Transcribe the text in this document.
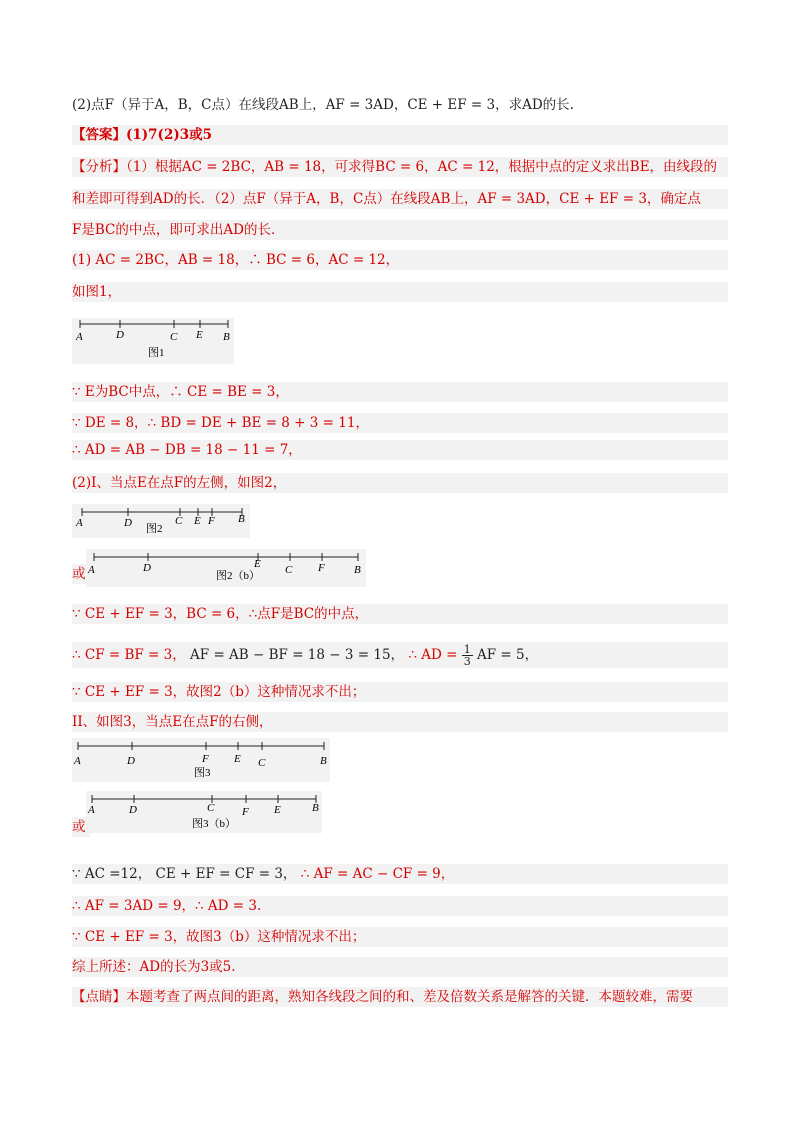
(2)点F（异于A，B，C点）在线段AB上，AF = 3AD，CE + EF = 3，求AD的长.
【答案】(1)7(2)3或5
【分析】（1）根据AC = 2BC，AB = 18，可求得BC = 6，AC = 12，根据中点的定义求出BE，由线段的
和差即可得到AD的长．（2）点F（异于A，B，C点）在线段AB上，AF = 3AD，CE + EF = 3，确定点
F是BC的中点，即可求出AD的长．
(1) AC = 2BC，AB = 18，∴ BC = 6，AC = 12，
如图1，
A	D	C E B
图1
∵ E为BC中点，∴ CE = BE = 3，
∵ DE = 8，∴ BD = DE + BE = 8 + 3 = 11，
∴ AD = AB − DB = 18 − 11 = 7，
(2)I、当点E在点F的左侧，如图2，
A	D	C E F B
图2
或 A	D	E C F	B
图2（b）
∵ CE + EF = 3，BC = 6，∴点F是BC的中点，
∴ CF = BF = 3， AF = AB − BF = 18 − 3 = 15， ∴ AD = $\frac{1}{3}$ AF = 5，
∵ CE + EF = 3，故图2（b）这种情况求不出；
II、如图3，当点E在点F的右侧，
A	D	F E C	B
图3
或
A	D	C	F E	B
图3（b）
∵ AC =12， CE + EF = CF = 3， ∴ AF = AC − CF = 9，
∴ AF = 3AD = 9，∴ AD = 3.
∵ CE + EF = 3，故图3（b）这种情况求不出；
综上所述：AD的长为3或5.
【点睛】本题考查了两点间的距离，熟知各线段之间的和、差及倍数关系是解答的关键．本题较难，需要
